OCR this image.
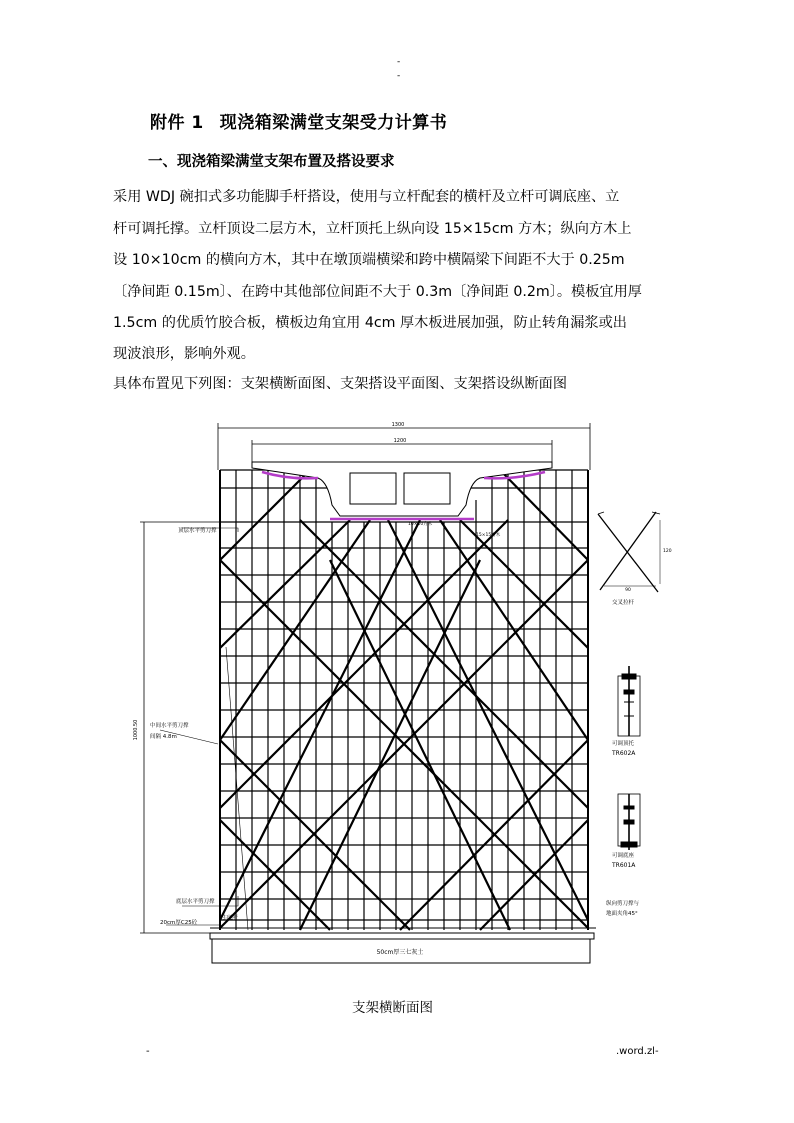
-
-
附件 1 现浇箱梁满堂支架受力计算书
一、现浇箱梁满堂支架布置及搭设要求
采用 WDJ 碗扣式多功能脚手杆搭设，使用与立杆配套的横杆及立杆可调底座、立
杆可调托撑。立杆顶设二层方木，立杆顶托上纵向设 15×15cm 方木；纵向方木上
设 10×10cm 的横向方木，其中在墩顶端横梁和跨中横隔梁下间距不大于 0.25m
〔净间距 0.15m〕、在跨中其他部位间距不大于 0.3m〔净间距 0.2m〕。模板宜用厚
1.5cm 的优质竹胶合板，横板边角宜用 4cm 厚木板进展加强，防止转角漏浆或出
现波浪形，影响外观。
具体布置见下列图：支架横断面图、支架搭设平面图、支架搭设纵断面图
1300
1200
1000.50
50cm厚三七灰土
顶层水平剪刀撑
中间水平剪刀撑
间隔 4.8m
底层水平剪刀撑
20cm厚C25砼
扫地杆
10×10方木
15×15方木
90
120
交叉拉杆
可调顶托
TR602A
可调底座
TR601A
纵向剪刀撑与
地面夹角45°
支架横断面图
-	.word.zl-
